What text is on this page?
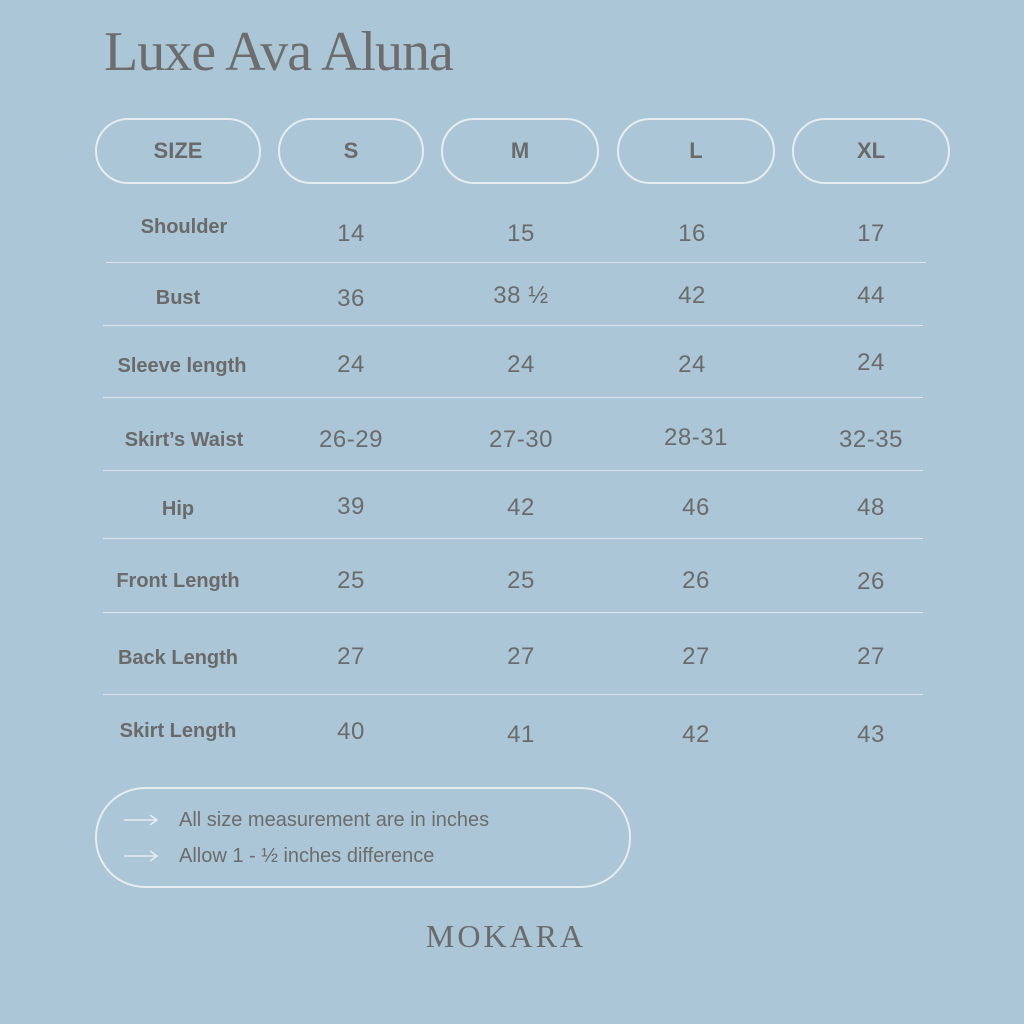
Luxe Ava Aluna
SIZE	S	M	L	XL
Shoulder	14	15	16	17
Bust	36	38 ½	42	44
Sleeve length	24	24	24	24
Skirt’s Waist	26-29	27-30	28-31	32-35
Hip	39	42	46	48
Front Length	25	25	26	26
Back Length	27	27	27	27
Skirt Length	40	41	42	43
All size measurement are in inches
Allow 1 - ½ inches difference
MOKARA
